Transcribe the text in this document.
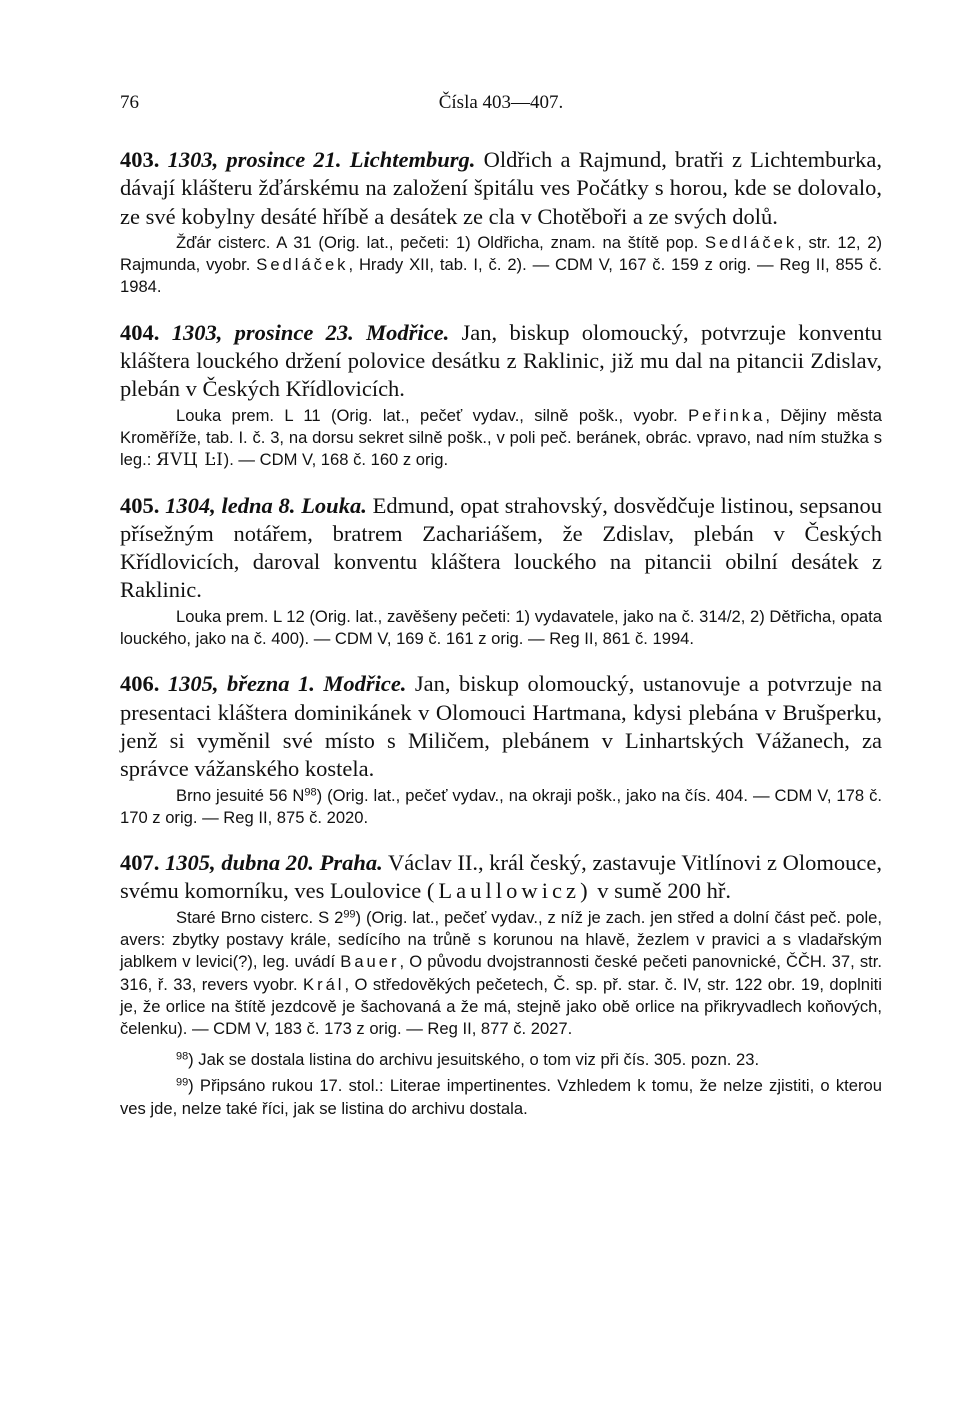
76	Čísla 403—407.
403. 1303, prosince 21. Lichtemburg. Oldřich a Rajmund, bratři z Lichtemburka, dávají klášteru žďárskému na založení špitálu ves Počátky s horou, kde se dolovalo, ze své kobylny desáté hříbě a desátek ze cla v Chotěboři a ze svých dolů.
Žďár cisterc. A 31 (Orig. lat., pečeti: 1) Oldřicha, znam. na štítě pop. Sedláček, str. 12, 2) Rajmunda, vyobr. Sedláček, Hrady XII, tab. I, č. 2). — CDM V, 167 č. 159 z orig. — Reg II, 855 č. 1984.
404. 1303, prosince 23. Modřice. Jan, biskup olomoucký, potvrzuje konventu kláštera louckého držení polovice desátku z Raklinic, již mu dal na pitancii Zdislav, plebán v Českých Křídlovicích.
Louka prem. L 11 (Orig. lat., pečeť vydav., silně pošk., vyobr. Peřinka, Dějiny města Kroměříže, tab. I. č. 3, na dorsu sekret silně pošk., v poli peč. beránek, obrác. vpravo, nad ním stužka s leg.: ЯVЦ ĿI). — CDM V, 168 č. 160 z orig.
405. 1304, ledna 8. Louka. Edmund, opat strahovský, dosvědčuje listinou, sepsanou přísežným notářem, bratrem Zachariášem, že Zdislav, plebán v Českých Křídlovicích, daroval konventu kláštera louckého na pitancii obilní desátek z Raklinic.
Louka prem. L 12 (Orig. lat., zavěšeny pečeti: 1) vydavatele, jako na č. 314/2, 2) Dětřicha, opata louckého, jako na č. 400). — CDM V, 169 č. 161 z orig. — Reg II, 861 č. 1994.
406. 1305, března 1. Modřice. Jan, biskup olomoucký, ustanovuje a potvrzuje na presentaci kláštera dominikánek v Olomouci Hartmana, kdysi plebána v Brušperku, jenž si vyměnil své místo s Miličem, plebánem v Linhartských Vážanech, za správce vážanského kostela.
Brno jesuité 56 $N^{98}$) (Orig. lat., pečeť vydav., na okraji pošk., jako na čís. 404. — CDM V, 178 č. 170 z orig. — Reg II, 875 č. 2020.
407. 1305, dubna 20. Praha. Václav II., král český, zastavuje Vitlínovi z Olomouce, svému komorníku, ves Loulovice (Laullowicz) v sumě 200 hř.
Staré Brno cisterc. S $2^{99}$) (Orig. lat., pečeť vydav., z níž je zach. jen střed a dolní část peč. pole, avers: zbytky postavy krále, sedícího na trůně s korunou na hlavě, žezlem v pravici a s vladařským jablkem v levici(?), leg. uvádí Bauer, O původu dvojstrannosti české pečeti panovnické, ČČH. 37, str. 316, ř. 33, revers vyobr. Král, O středověkých pečetech, Č. sp. př. star. č. IV, str. 122 obr. 19, doplniti je, že orlice na štítě jezdcově je šachovaná a že má, stejně jako obě orlice na přikryvadlech koňových, čelenku). — CDM V, 183 č. 173 z orig. — Reg II, 877 č. 2027.
$^{98}$) Jak se dostala listina do archivu jesuitského, o tom viz při čís. 305. pozn. 23.
$^{99}$) Připsáno rukou 17. stol.: Literae impertinentes. Vzhledem k tomu, že nelze zjistiti, o kterou ves jde, nelze také říci, jak se listina do archivu dostala.
